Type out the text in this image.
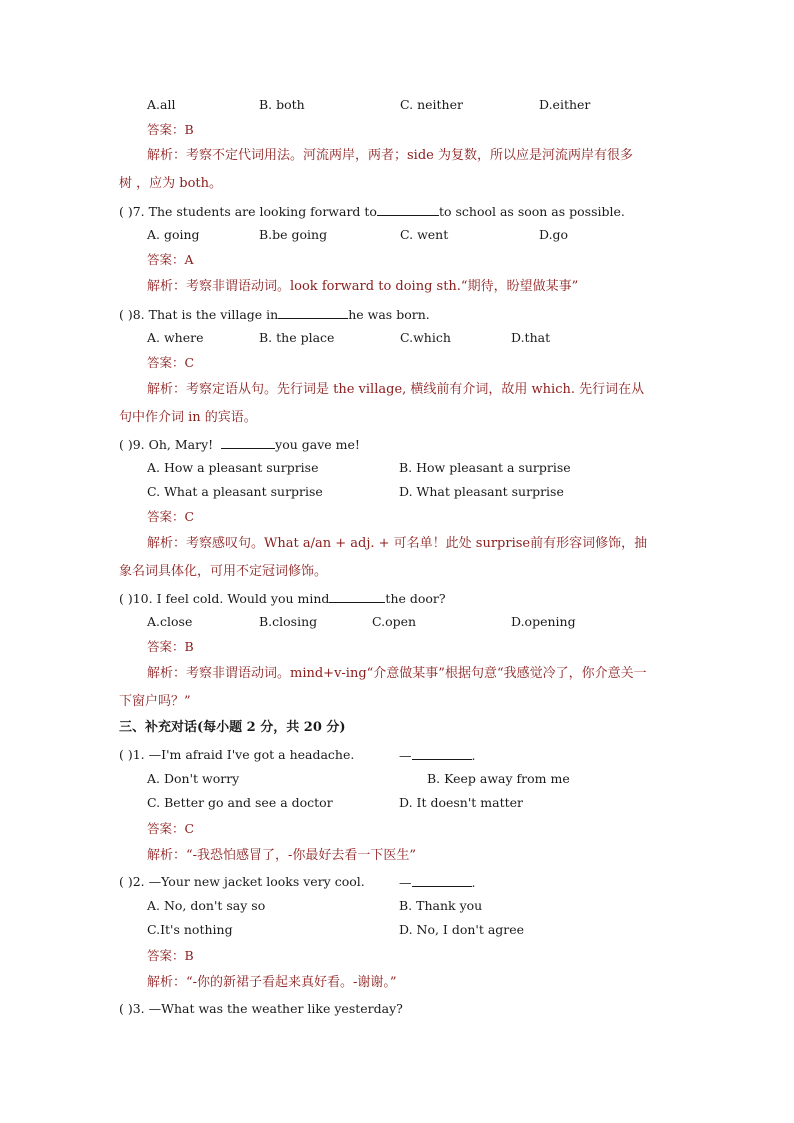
A.all	B. both	C. neither	D.either
答案：B
解析：考察不定代词用法。河流两岸，两者；side 为复数，所以应是河流两岸有很多
树 ，应为 both。
( )7. The students are looking forward to	to school as soon as possible.
A. going	B.be going	C. went	D.go
答案：A
解析：考察非谓语动词。look forward to doing sth.“期待，盼望做某事”
( )8. That is the village in	he was born.
A. where	B. the place	C.which	D.that
答案：C
解析：考察定语从句。先行词是 the village, 横线前有介词，故用 which. 先行词在从
句中作介词 in 的宾语。
( )9. Oh, Mary!	you gave me!
A. How a pleasant surprise	B. How pleasant a surprise
C. What a pleasant surprise	D. What pleasant surprise
答案：C
解析：考察感叹句。What a/an + adj. + 可名单！此处 surprise前有形容词修饰，抽
象名词具体化，可用不定冠词修饰。
( )10. I feel cold. Would you mind	the door?
A.close	B.closing	C.open	D.opening
答案：B
解析：考察非谓语动词。mind+v-ing“介意做某事”根据句意“我感觉冷了，你介意关一
下窗户吗？”
三、补充对话(每小题 2 分，共 20 分)
( )1. —I'm afraid I've got a headache.	—	.
A. Don't worry	B. Keep away from me
C. Better go and see a doctor	D. It doesn't matter
答案：C
解析：“-我恐怕感冒了，-你最好去看一下医生”
( )2. —Your new jacket looks very cool.	—	.
A. No, don't say so	B. Thank you
C.It's nothing	D. No, I don't agree
答案：B
解析：“-你的新裙子看起来真好看。-谢谢。”
( )3. —What was the weather like yesterday?
